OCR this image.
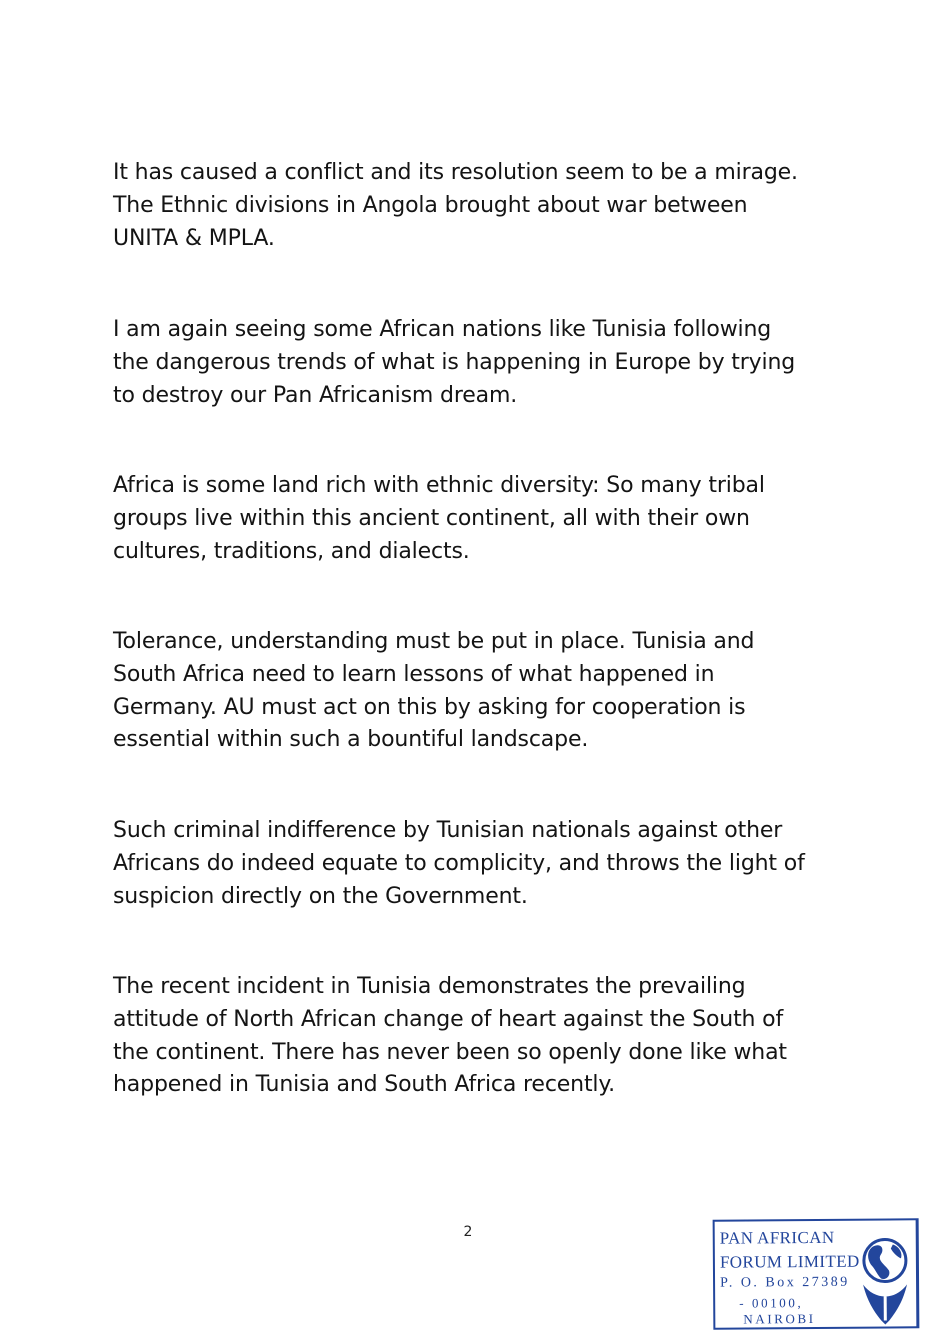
It has caused a conflict and its resolution seem to be a mirage.
The Ethnic divisions in Angola brought about war between
UNITA & MPLA.

I am again seeing some African nations like Tunisia following
the dangerous trends of what is happening in Europe by trying
to destroy our Pan Africanism dream.

Africa is some land rich with ethnic diversity: So many tribal
groups live within this ancient continent, all with their own
cultures, traditions, and dialects.

Tolerance, understanding must be put in place. Tunisia and
South Africa need to learn lessons of what happened in
Germany. AU must act on this by asking for cooperation is
essential within such a bountiful landscape.

Such criminal indifference by Tunisian nationals against other
Africans do indeed equate to complicity, and throws the light of
suspicion directly on the Government.

The recent incident in Tunisia demonstrates the prevailing
attitude of North African change of heart against the South of
the continent. There has never been so openly done like what
happened in Tunisia and South Africa recently.

2	PAN AFRICAN
FORUM LIMITED
P. O. Box 27389
- 00100,
NAIROBI
